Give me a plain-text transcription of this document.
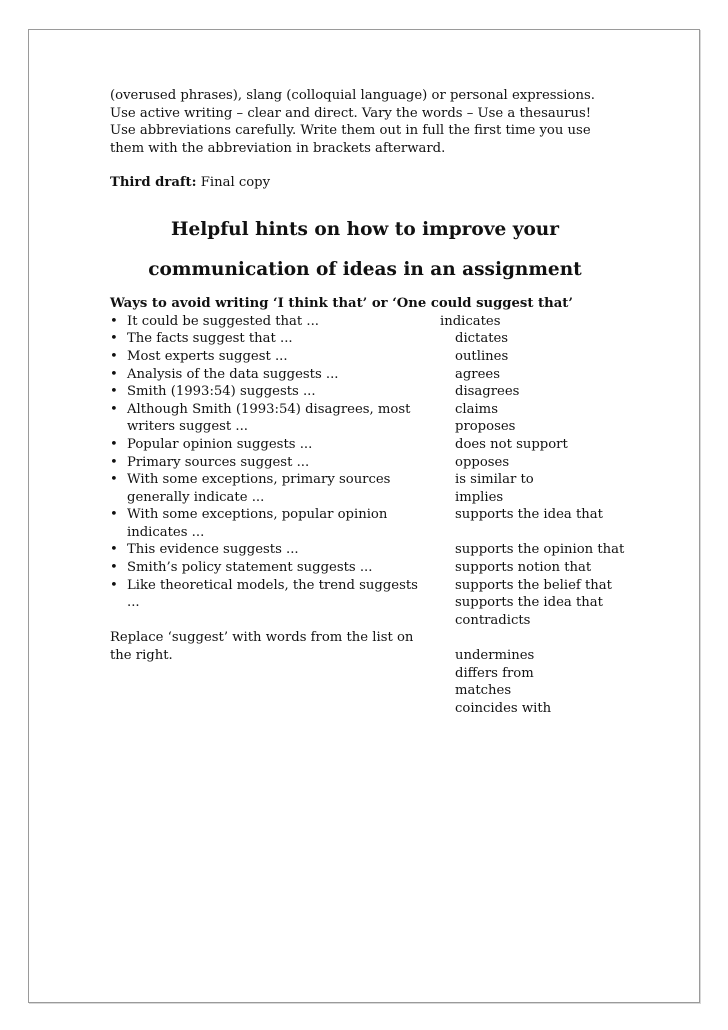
(overused phrases), slang (colloquial language) or personal expressions. Use active writing – clear and direct. Vary the words – Use a thesaurus! Use abbreviations carefully. Write them out in full the first time you use them with the abbreviation in brackets afterward.

Third draft: Final copy

Helpful hints on how to improve your

communication of ideas in an assignment

Ways to avoid writing ‘I think that’ or ‘One could suggest that’
• It could be suggested that ...
• The facts suggest that ...
• Most experts suggest ...
• Analysis of the data suggests ...
• Smith (1993:54) suggests ...
• Although Smith (1993:54) disagrees, most writers suggest ...
• Popular opinion suggests ...
• Primary sources suggest ...
• With some exceptions, primary sources generally indicate ...
• With some exceptions, popular opinion indicates ...
• This evidence suggests ...
• Smith’s policy statement suggests ...
• Like theoretical models, the trend suggests ...

Replace ‘suggest’ with words from the list on the right.

indicates
dictates
outlines
agrees
disagrees
claims
proposes
does not support
opposes
is similar to
implies
supports the idea that
supports the opinion that
supports notion that
supports the belief that
supports the idea that
contradicts
undermines
differs from
matches
coincides with
